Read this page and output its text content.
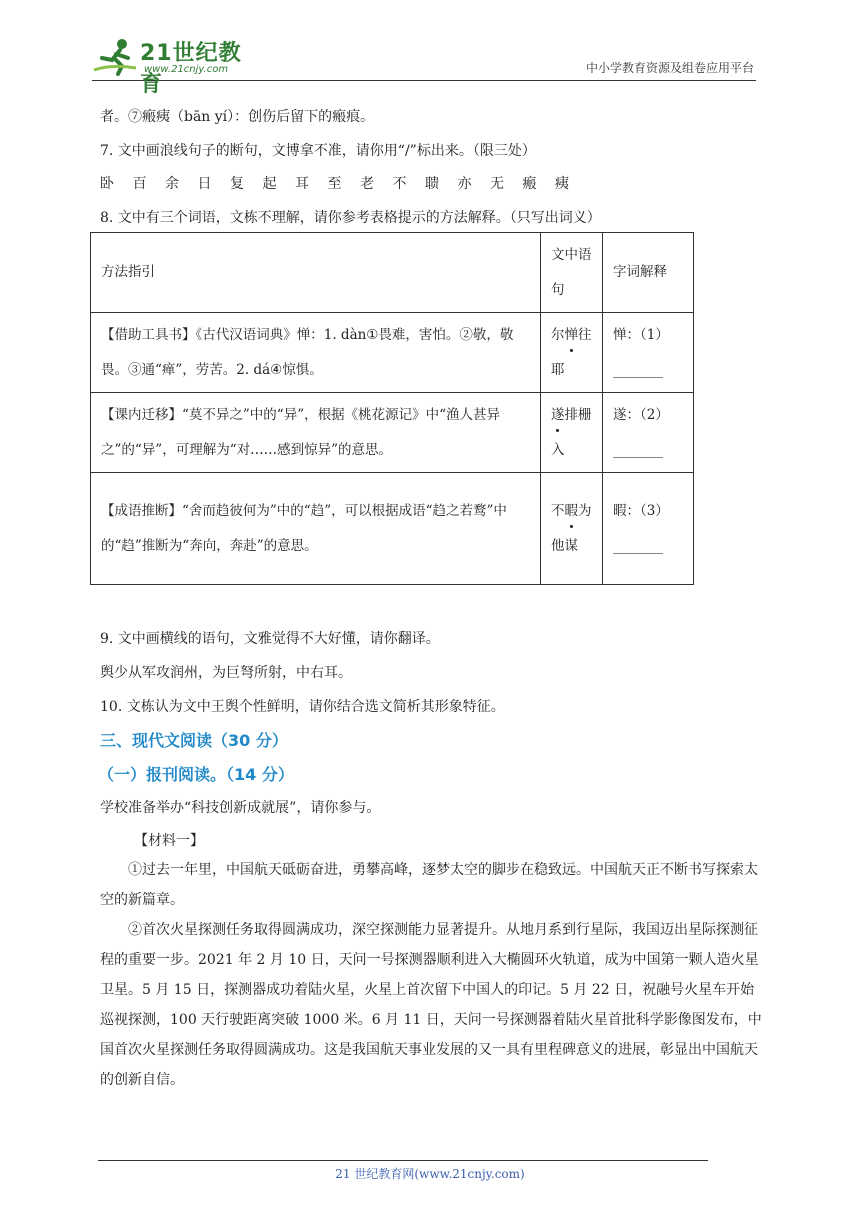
21世纪教育
www.21cnjy.com	中小学教育资源及组卷应用平台
者。⑦瘢痍（bān yí）：创伤后留下的瘢痕。
7. 文中画浪线句子的断句，文博拿不准，请你用“/”标出来。（限三处）
卧百余日复起耳至老不聩亦无瘢痍
8. 文中有三个词语，文栋不理解，请你参考表格提示的方法解释。（只写出词义）
方法指引	文中语句	字词解释
【借助工具书】《古代汉语词典》惮：1. dàn①畏难，害怕。②敬，敬畏。③通“瘅”，劳苦。2. dá④惊惧。	尔惮往耶	惮：（1）

【课内迁移】“莫不异之”中的“异”，根据《桃花源记》中“渔人甚异之”的“异”，可理解为“对……感到惊异”的意思。	遂排栅入	遂：（2）

【成语推断】“舍而趋彼何为”中的“趋”，可以根据成语“趋之若鹜”中的“趋”推断为“奔向，奔赴”的意思。	不暇为他谋	暇：（3）

9. 文中画横线的语句，文雅觉得不大好懂，请你翻译。
舆少从军攻润州，为巨弩所射，中右耳。
10. 文栋认为文中王舆个性鲜明，请你结合选文简析其形象特征。
三、现代文阅读（30 分）
（一）报刊阅读。（14 分）
学校准备举办“科技创新成就展”，请你参与。
【材料一】
①过去一年里，中国航天砥砺奋进，勇攀高峰，逐梦太空的脚步在稳致远。中国航天正不断书写探索太空的新篇章。
②首次火星探测任务取得圆满成功，深空探测能力显著提升。从地月系到行星际，我国迈出星际探测征程的重要一步。2021 年 2 月 10 日，天问一号探测器顺利进入大椭圆环火轨道，成为中国第一颗人造火星卫星。5 月 15 日，探测器成功着陆火星，火星上首次留下中国人的印记。5 月 22 日，祝融号火星车开始巡视探测，100 天行驶距离突破 1000 米。6 月 11 日，天问一号探测器着陆火星首批科学影像图发布，中国首次火星探测任务取得圆满成功。这是我国航天事业发展的又一具有里程碑意义的进展，彰显出中国航天的创新自信。
21 世纪教育网(www.21cnjy.com)
